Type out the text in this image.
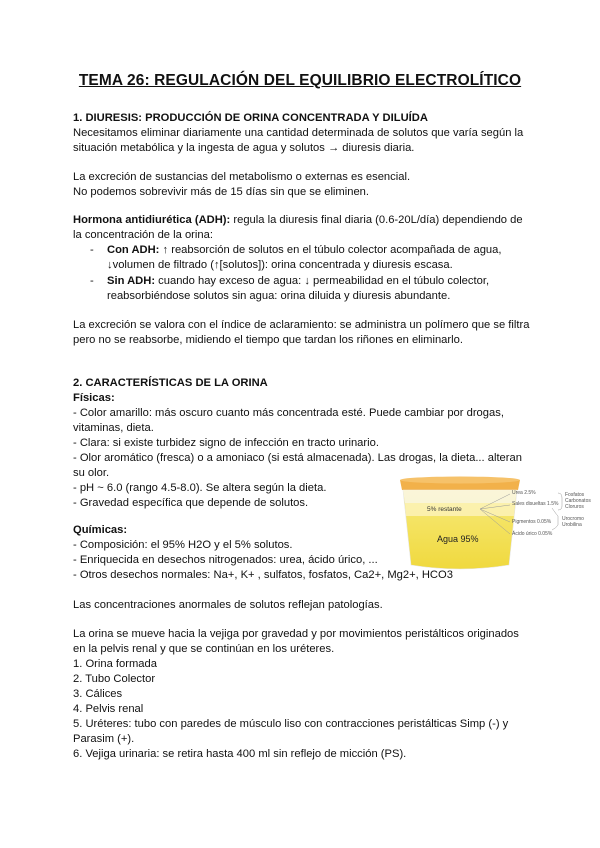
TEMA 26: REGULACIÓN DEL EQUILIBRIO ELECTROLÍTICO
1. DIURESIS: PRODUCCIÓN DE ORINA CONCENTRADA Y DILUÍDA
Necesitamos eliminar diariamente una cantidad determinada de solutos que varía según la
situación metabólica y la ingesta de agua y solutos → diuresis diaria.
La excreción de sustancias del metabolismo o externas es esencial.
No podemos sobrevivir más de 15 días sin que se eliminen.
Hormona antidiurética (ADH): regula la diuresis final diaria (0.6-20L/día) dependiendo de
la concentración de la orina:
- Con ADH: ↑ reabsorción de solutos en el túbulo colector acompañada de agua,
↓volumen de filtrado (↑[solutos]): orina concentrada y diuresis escasa.
- Sin ADH: cuando hay exceso de agua: ↓ permeabilidad en el túbulo colector,
reabsorbiéndose solutos sin agua: orina diluida y diuresis abundante.
La excreción se valora con el índice de aclaramiento: se administra un polímero que se filtra
pero no se reabsorbe, midiendo el tiempo que tardan los riñones en eliminarlo.
2. CARACTERÍSTICAS DE LA ORINA
Físicas:
- Color amarillo: más oscuro cuanto más concentrada esté. Puede cambiar por drogas,
vitaminas, dieta.
- Clara: si existe turbidez signo de infección en tracto urinario.
- Olor aromático (fresca) o a amoniaco (si está almacenada). Las drogas, la dieta... alteran
su olor.
- pH ~ 6.0 (rango 4.5-8.0). Se altera según la dieta.
- Gravedad específica que depende de solutos.
Químicas:
- Composición: el 95% H2O y el 5% solutos.
- Enriquecida en desechos nitrogenados: urea, ácido úrico, ...
- Otros desechos normales: Na+, K+ , sulfatos, fosfatos, Ca2+, Mg2+, HCO3
Las concentraciones anormales de solutos reflejan patologías.
La orina se mueve hacia la vejiga por gravedad y por movimientos peristálticos originados
en la pelvis renal y que se continúan en los uréteres.
1. Orina formada
2. Tubo Colector
3. Cálices
4. Pelvis renal
5. Uréteres: tubo con paredes de músculo liso con contracciones peristálticas Simp (-) y
Parasim (+).
6. Vejiga urinaria: se retira hasta 400 ml sin reflejo de micción (PS).
5% restante
Agua 95%
Urea 2.5%
Sales disueltas 1.5%
Pigmentos 0.05%
Ácido úrico 0.05%
Fosfatos
Carbonatos
Cloruros
Urocromo
Urobilina
